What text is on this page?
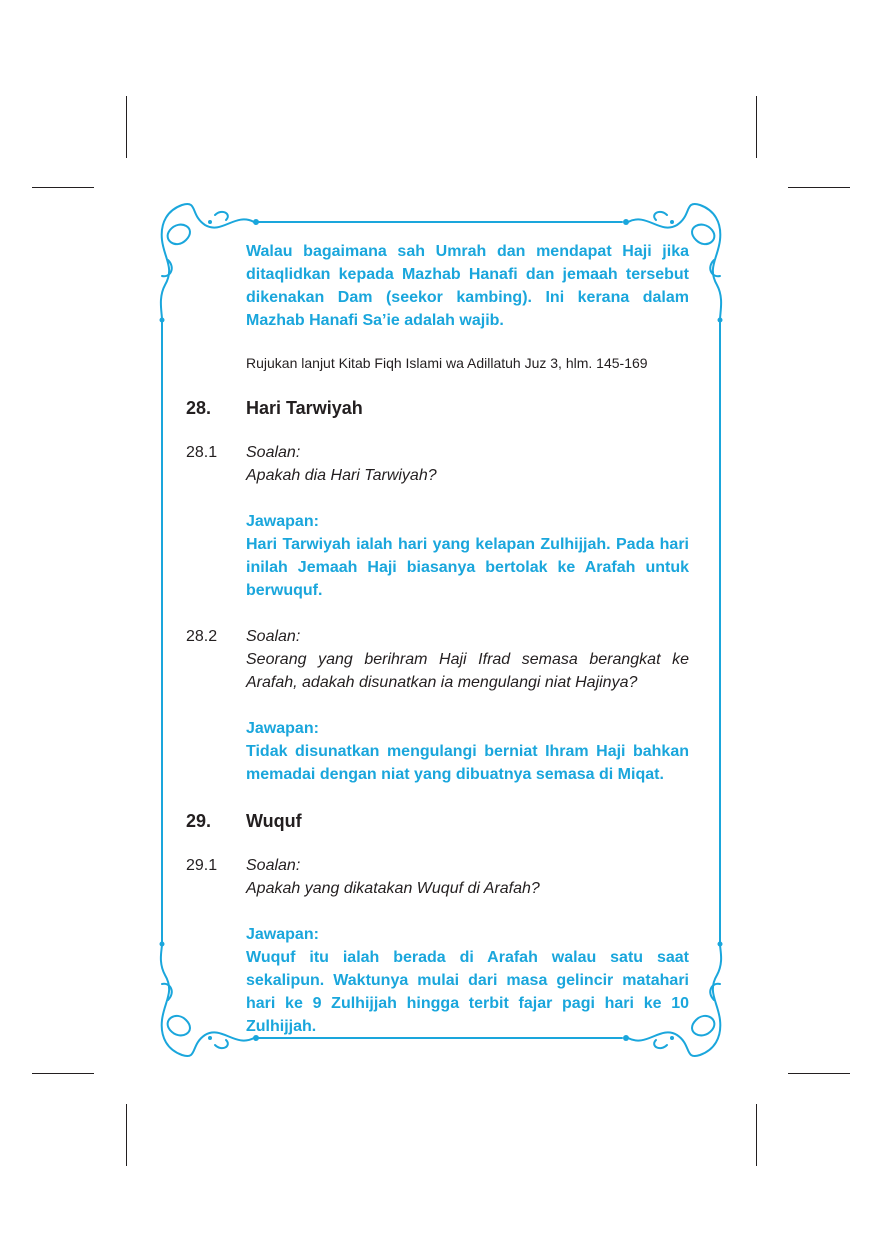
Walau bagaimana sah Umrah dan mendapat Haji jika ditaqlidkan kepada Mazhab Hanafi dan jemaah tersebut dikenakan Dam (seekor kambing). Ini kerana dalam Mazhab Hanafi Sa’ie adalah wajib.

Rujukan lanjut Kitab Fiqh Islami wa Adillatuh Juz 3, hlm. 145-169

28.	Hari Tarwiyah
28.1	Soalan:

Apakah dia Hari Tarwiyah?

Jawapan:

Hari Tarwiyah ialah hari yang kelapan Zulhijjah. Pada hari inilah Jemaah Haji biasanya bertolak ke Arafah untuk berwuquf.

28.2	Soalan:

Seorang yang berihram Haji Ifrad semasa berangkat ke Arafah, adakah disunatkan ia mengulangi niat Hajinya?

Jawapan:

Tidak disunatkan mengulangi berniat Ihram Haji bahkan memadai dengan niat yang dibuatnya semasa di Miqat.

29.	Wuquf
29.1	Soalan:

Apakah yang dikatakan Wuquf di Arafah?

Jawapan:

Wuquf itu ialah berada di Arafah walau satu saat sekalipun. Waktunya mulai dari masa gelincir matahari hari ke 9 Zulhijjah hingga terbit fajar pagi hari ke 10 Zulhijjah.
